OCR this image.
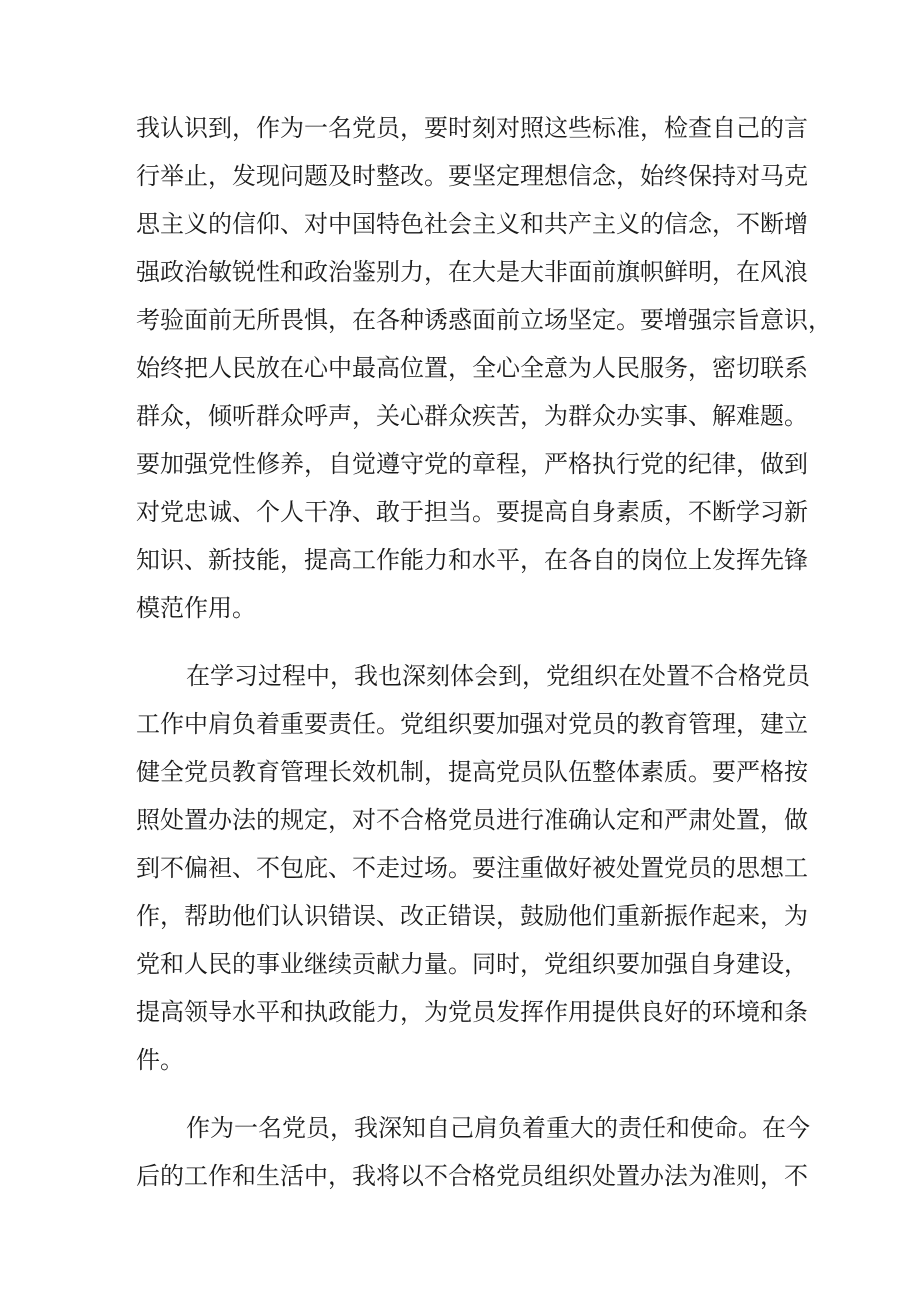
我认识到，作为一名党员，要时刻对照这些标准，检查自己的言
行举止，发现问题及时整改。要坚定理想信念，始终保持对马克
思主义的信仰、对中国特色社会主义和共产主义的信念，不断增
强政治敏锐性和政治鉴别力，在大是大非面前旗帜鲜明，在风浪
考验面前无所畏惧，在各种诱惑面前立场坚定。要增强宗旨意识，
始终把人民放在心中最高位置，全心全意为人民服务，密切联系
群众，倾听群众呼声，关心群众疾苦，为群众办实事、解难题。
要加强党性修养，自觉遵守党的章程，严格执行党的纪律，做到
对党忠诚、个人干净、敢于担当。要提高自身素质，不断学习新
知识、新技能，提高工作能力和水平，在各自的岗位上发挥先锋
模范作用。
在学习过程中，我也深刻体会到，党组织在处置不合格党员
工作中肩负着重要责任。党组织要加强对党员的教育管理，建立
健全党员教育管理长效机制，提高党员队伍整体素质。要严格按
照处置办法的规定，对不合格党员进行准确认定和严肃处置，做
到不偏袒、不包庇、不走过场。要注重做好被处置党员的思想工
作，帮助他们认识错误、改正错误，鼓励他们重新振作起来，为
党和人民的事业继续贡献力量。同时，党组织要加强自身建设，
提高领导水平和执政能力，为党员发挥作用提供良好的环境和条
件。
作为一名党员，我深知自己肩负着重大的责任和使命。在今
后的工作和生活中，我将以不合格党员组织处置办法为准则，不
